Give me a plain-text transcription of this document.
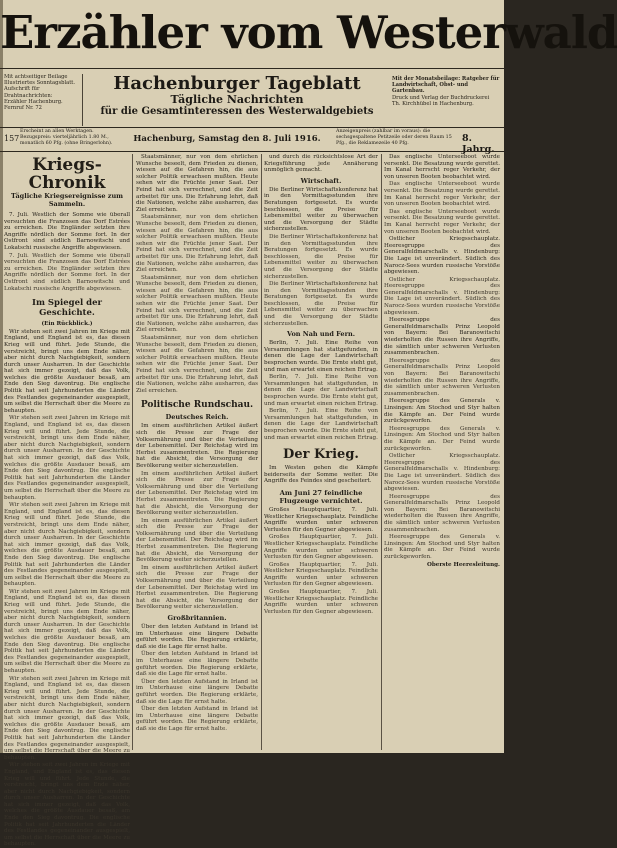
Erzähler vom Westerwald

Mit achtseitiger Beilage

Illustriertes Sonntagsblatt.

Aufschrift für Drahtnachrichten:

Erzähler Hachenburg. Fernruf Nr. 72

Hachenburger Tageblatt
Tägliche Nachrichten
für die Gesamtinteressen des Westerwaldgebiets

Mit der Monatsbeilage: Ratgeber für Landwirtschaft, Obst- und Gartenbau.

Druck und Verlag der Buchdruckerei

Th. Kirchhübel in Hachenburg.

157
Erscheint an allen Werktagen. Bezugspreis: vierteljährlich 1.80 M., monatlich 60 Pfg. (ohne Bringerlohn).	Hachenburg, Samstag den 8. Juli 1916.
Anzeigenpreis (zahlbar im voraus): die sechsgespaltene Petitzeile oder deren Raum 15 Pfg., die Reklamezeile 40 Pfg.	8. Jahrg.
Kriegs- Chronik
Tägliche Kriegsereignisse zum Sammeln.

7. Juli. Westlich der Somme wie überall versuchten die Franzosen das Dorf Estrées zu erreichen. Die Engländer setzten ihre Angriffe nördlich der Somme fort. In der Ostfront sind südlich Barnowitschi und Lokatschi russische Angriffe abgewiesen.

7. Juli. Westlich der Somme wie überall versuchten die Franzosen das Dorf Estrées zu erreichen. Die Engländer setzten ihre Angriffe nördlich der Somme fort. In der Ostfront sind südlich Barnowitschi und Lokatschi russische Angriffe abgewiesen.

Im Spiegel der Geschichte.

(Ein Rückblick.)

Wir stehen seit zwei Jahren im Kriege mit England, und England ist es, das diesen Krieg will und führt. Jede Stunde, die verstreicht, bringt uns dem Ende näher, aber nicht durch Nachgiebigkeit, sondern durch unser Ausharren. In der Geschichte hat sich immer gezeigt, daß das Volk, welches die größte Ausdauer besaß, am Ende den Sieg davontrug. Die englische Politik hat seit Jahrhunderten die Länder des Festlandes gegeneinander ausgespielt, um selbst die Herrschaft über die Meere zu behaupten.

Wir stehen seit zwei Jahren im Kriege mit England, und England ist es, das diesen Krieg will und führt. Jede Stunde, die verstreicht, bringt uns dem Ende näher, aber nicht durch Nachgiebigkeit, sondern durch unser Ausharren. In der Geschichte hat sich immer gezeigt, daß das Volk, welches die größte Ausdauer besaß, am Ende den Sieg davontrug. Die englische Politik hat seit Jahrhunderten die Länder des Festlandes gegeneinander ausgespielt, um selbst die Herrschaft über die Meere zu behaupten.

Wir stehen seit zwei Jahren im Kriege mit England, und England ist es, das diesen Krieg will und führt. Jede Stunde, die verstreicht, bringt uns dem Ende näher, aber nicht durch Nachgiebigkeit, sondern durch unser Ausharren. In der Geschichte hat sich immer gezeigt, daß das Volk, welches die größte Ausdauer besaß, am Ende den Sieg davontrug. Die englische Politik hat seit Jahrhunderten die Länder des Festlandes gegeneinander ausgespielt, um selbst die Herrschaft über die Meere zu behaupten.

Wir stehen seit zwei Jahren im Kriege mit England, und England ist es, das diesen Krieg will und führt. Jede Stunde, die verstreicht, bringt uns dem Ende näher, aber nicht durch Nachgiebigkeit, sondern durch unser Ausharren. In der Geschichte hat sich immer gezeigt, daß das Volk, welches die größte Ausdauer besaß, am Ende den Sieg davontrug. Die englische Politik hat seit Jahrhunderten die Länder des Festlandes gegeneinander ausgespielt, um selbst die Herrschaft über die Meere zu behaupten.

Wir stehen seit zwei Jahren im Kriege mit England, und England ist es, das diesen Krieg will und führt. Jede Stunde, die verstreicht, bringt uns dem Ende näher, aber nicht durch Nachgiebigkeit, sondern durch unser Ausharren. In der Geschichte hat sich immer gezeigt, daß das Volk, welches die größte Ausdauer besaß, am Ende den Sieg davontrug. Die englische Politik hat seit Jahrhunderten die Länder des Festlandes gegeneinander ausgespielt, um selbst die Herrschaft über die Meere zu behaupten.

Wir stehen seit zwei Jahren im Kriege mit England, und England ist es, das diesen Krieg will und führt. Jede Stunde, die verstreicht, bringt uns dem Ende näher, aber nicht durch Nachgiebigkeit, sondern durch unser Ausharren. In der Geschichte hat sich immer gezeigt, daß das Volk, welches die größte Ausdauer besaß, am Ende den Sieg davontrug. Die englische Politik hat seit Jahrhunderten die Länder des Festlandes gegeneinander ausgespielt, um selbst die Herrschaft über die Meere zu behaupten.

Staatsmänner, nur von dem ehrlichen Wunsche beseelt, dem Frieden zu dienen, wiesen auf die Gefahren hin, die aus solcher Politik erwachsen mußten. Heute sehen wir die Früchte jener Saat. Der Feind hat sich verrechnet, und die Zeit arbeitet für uns. Die Erfahrung lehrt, daß die Nationen, welche zähe ausharren, das Ziel erreichen.

Staatsmänner, nur von dem ehrlichen Wunsche beseelt, dem Frieden zu dienen, wiesen auf die Gefahren hin, die aus solcher Politik erwachsen mußten. Heute sehen wir die Früchte jener Saat. Der Feind hat sich verrechnet, und die Zeit arbeitet für uns. Die Erfahrung lehrt, daß die Nationen, welche zähe ausharren, das Ziel erreichen.

Staatsmänner, nur von dem ehrlichen Wunsche beseelt, dem Frieden zu dienen, wiesen auf die Gefahren hin, die aus solcher Politik erwachsen mußten. Heute sehen wir die Früchte jener Saat. Der Feind hat sich verrechnet, und die Zeit arbeitet für uns. Die Erfahrung lehrt, daß die Nationen, welche zähe ausharren, das Ziel erreichen.

Staatsmänner, nur von dem ehrlichen Wunsche beseelt, dem Frieden zu dienen, wiesen auf die Gefahren hin, die aus solcher Politik erwachsen mußten. Heute sehen wir die Früchte jener Saat. Der Feind hat sich verrechnet, und die Zeit arbeitet für uns. Die Erfahrung lehrt, daß die Nationen, welche zähe ausharren, das Ziel erreichen.

Politische Rundschau.
Deutsches Reich.

Im einem ausführlichen Artikel äußert sich die Presse zur Frage der Volksernährung und über die Verteilung der Lebensmittel. Der Reichstag wird im Herbst zusammentreten. Die Regierung hat die Absicht, die Versorgung der Bevölkerung weiter sicherzustellen.

Im einem ausführlichen Artikel äußert sich die Presse zur Frage der Volksernährung und über die Verteilung der Lebensmittel. Der Reichstag wird im Herbst zusammentreten. Die Regierung hat die Absicht, die Versorgung der Bevölkerung weiter sicherzustellen.

Im einem ausführlichen Artikel äußert sich die Presse zur Frage der Volksernährung und über die Verteilung der Lebensmittel. Der Reichstag wird im Herbst zusammentreten. Die Regierung hat die Absicht, die Versorgung der Bevölkerung weiter sicherzustellen.

Im einem ausführlichen Artikel äußert sich die Presse zur Frage der Volksernährung und über die Verteilung der Lebensmittel. Der Reichstag wird im Herbst zusammentreten. Die Regierung hat die Absicht, die Versorgung der Bevölkerung weiter sicherzustellen.

Großbritannien.

Über den letzten Aufstand in Irland ist im Unterhause eine längere Debatte geführt worden. Die Regierung erklärte, daß sie die Lage für ernst halte.

Über den letzten Aufstand in Irland ist im Unterhause eine längere Debatte geführt worden. Die Regierung erklärte, daß sie die Lage für ernst halte.

Über den letzten Aufstand in Irland ist im Unterhause eine längere Debatte geführt worden. Die Regierung erklärte, daß sie die Lage für ernst halte.

Über den letzten Aufstand in Irland ist im Unterhause eine längere Debatte geführt worden. Die Regierung erklärte, daß sie die Lage für ernst halte.

und durch die rücksichtslose Art der Kriegsführung jede Annäherung unmöglich gemacht.

Wirtschaft.

Die Berliner Wirtschaftskonferenz hat in den Vormittagsstunden ihre Beratungen fortgesetzt. Es wurde beschlossen, die Preise für Lebensmittel weiter zu überwachen und die Versorgung der Städte sicherzustellen.

Die Berliner Wirtschaftskonferenz hat in den Vormittagsstunden ihre Beratungen fortgesetzt. Es wurde beschlossen, die Preise für Lebensmittel weiter zu überwachen und die Versorgung der Städte sicherzustellen.

Die Berliner Wirtschaftskonferenz hat in den Vormittagsstunden ihre Beratungen fortgesetzt. Es wurde beschlossen, die Preise für Lebensmittel weiter zu überwachen und die Versorgung der Städte sicherzustellen.

Von Nah und Fern.

Berlin, 7. Juli. Eine Reihe von Versammlungen hat stattgefunden, in denen die Lage der Landwirtschaft besprochen wurde. Die Ernte steht gut, und man erwartet einen reichen Ertrag.

Berlin, 7. Juli. Eine Reihe von Versammlungen hat stattgefunden, in denen die Lage der Landwirtschaft besprochen wurde. Die Ernte steht gut, und man erwartet einen reichen Ertrag.

Berlin, 7. Juli. Eine Reihe von Versammlungen hat stattgefunden, in denen die Lage der Landwirtschaft besprochen wurde. Die Ernte steht gut, und man erwartet einen reichen Ertrag.

Der Krieg.

Im Westen gehen die Kämpfe beiderseits der Somme weiter. Die Angriffe des Feindes sind gescheitert.

Am Juni 27 feindliche Flugzeuge vernichtet.

Großes Hauptquartier, 7. Juli. Westlicher Kriegsschauplatz. Feindliche Angriffe wurden unter schweren Verlusten für den Gegner abgewiesen.

Großes Hauptquartier, 7. Juli. Westlicher Kriegsschauplatz. Feindliche Angriffe wurden unter schweren Verlusten für den Gegner abgewiesen.

Großes Hauptquartier, 7. Juli. Westlicher Kriegsschauplatz. Feindliche Angriffe wurden unter schweren Verlusten für den Gegner abgewiesen.

Großes Hauptquartier, 7. Juli. Westlicher Kriegsschauplatz. Feindliche Angriffe wurden unter schweren Verlusten für den Gegner abgewiesen.

Das englische Unterseeboot wurde versenkt. Die Besatzung wurde gerettet. Im Kanal herrscht reger Verkehr, der von unseren Booten beobachtet wird.

Das englische Unterseeboot wurde versenkt. Die Besatzung wurde gerettet. Im Kanal herrscht reger Verkehr, der von unseren Booten beobachtet wird.

Das englische Unterseeboot wurde versenkt. Die Besatzung wurde gerettet. Im Kanal herrscht reger Verkehr, der von unseren Booten beobachtet wird.

Ostlicher Kriegsschauplatz. Heeresgruppe des Generalfeldmarschalls v. Hindenburg: Die Lage ist unverändert. Südlich des Narocz-Sees wurden russische Vorstöße abgewiesen.

Ostlicher Kriegsschauplatz. Heeresgruppe des Generalfeldmarschalls v. Hindenburg: Die Lage ist unverändert. Südlich des Narocz-Sees wurden russische Vorstöße abgewiesen.

Heeresgruppe des Generalfeldmarschalls Prinz Leopold von Bayern: Bei Baranowitschi wiederholten die Russen ihre Angriffe, die sämtlich unter schweren Verlusten zusammenbrachen.

Heeresgruppe des Generalfeldmarschalls Prinz Leopold von Bayern: Bei Baranowitschi wiederholten die Russen ihre Angriffe, die sämtlich unter schweren Verlusten zusammenbrachen.

Heeresgruppe des Generals v. Linsingen: Am Stochod und Styr halten die Kämpfe an. Der Feind wurde zurückgeworfen.

Heeresgruppe des Generals v. Linsingen: Am Stochod und Styr halten die Kämpfe an. Der Feind wurde zurückgeworfen.

Ostlicher Kriegsschauplatz. Heeresgruppe des Generalfeldmarschalls v. Hindenburg: Die Lage ist unverändert. Südlich des Narocz-Sees wurden russische Vorstöße abgewiesen.

Heeresgruppe des Generalfeldmarschalls Prinz Leopold von Bayern: Bei Baranowitschi wiederholten die Russen ihre Angriffe, die sämtlich unter schweren Verlusten zusammenbrachen.

Heeresgruppe des Generals v. Linsingen: Am Stochod und Styr halten die Kämpfe an. Der Feind wurde zurückgeworfen.

Oberste Heeresleitung.
